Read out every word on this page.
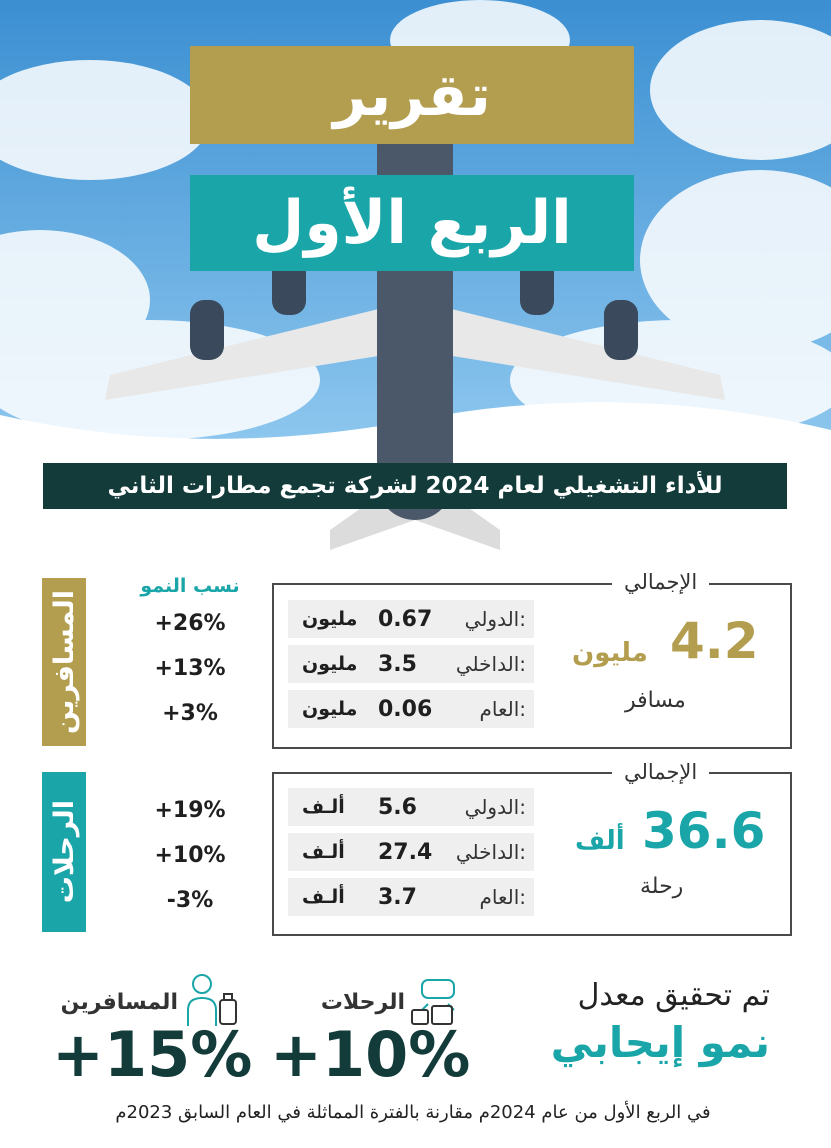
تقرير
الربع الأول
للأداء التشغيلي لعام 2024 لشركة تجمع مطارات الثاني
المسافرين
نسب النمو
+26%
+13%
+3%
الإجمالي
الدولي:
0.67
مليون
الداخلي:
3.5
مليون
العام:
0.06
مليون
4.2
مليون
مسافر
الرحلات	+19%
+10%
-3%
الإجمالي
الدولي:
5.6
ألـف
الداخلي:
27.4
ألـف
العام:
3.7
ألـف
36.6
ألف
رحلة
تم تحقيق معدل
نمو إيجابي
الرحلات
+10%
المسافرين
+15%
في الربع الأول من عام 2024م مقارنة بالفترة المماثلة في العام السابق 2023م
